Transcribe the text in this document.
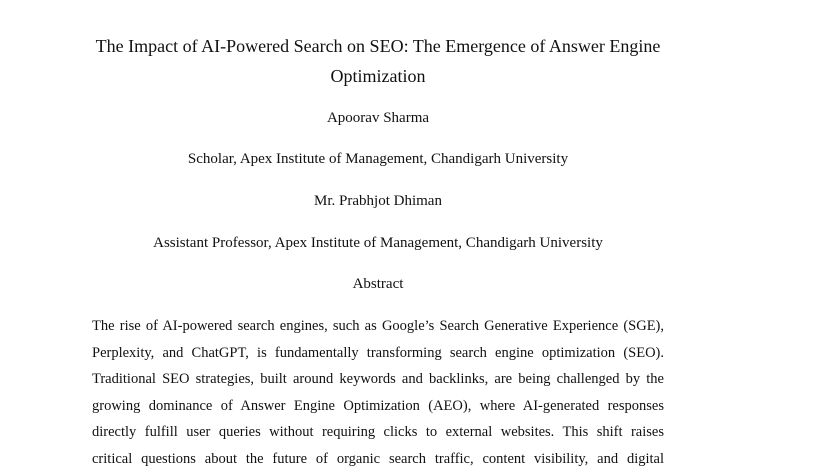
The Impact of AI-Powered Search on SEO: The Emergence of Answer Engine Optimization

Apoorav Sharma

Scholar, Apex Institute of Management, Chandigarh University

Mr. Prabhjot Dhiman

Assistant Professor, Apex Institute of Management, Chandigarh University

Abstract

The rise of AI-powered search engines, such as Google’s Search Generative Experience (SGE),
Perplexity, and ChatGPT, is fundamentally transforming search engine optimization (SEO).
Traditional SEO strategies, built around keywords and backlinks, are being challenged by the
growing dominance of Answer Engine Optimization (AEO), where AI-generated responses
directly fulfill user queries without requiring clicks to external websites. This shift raises
critical questions about the future of organic search traffic, content visibility, and digital
